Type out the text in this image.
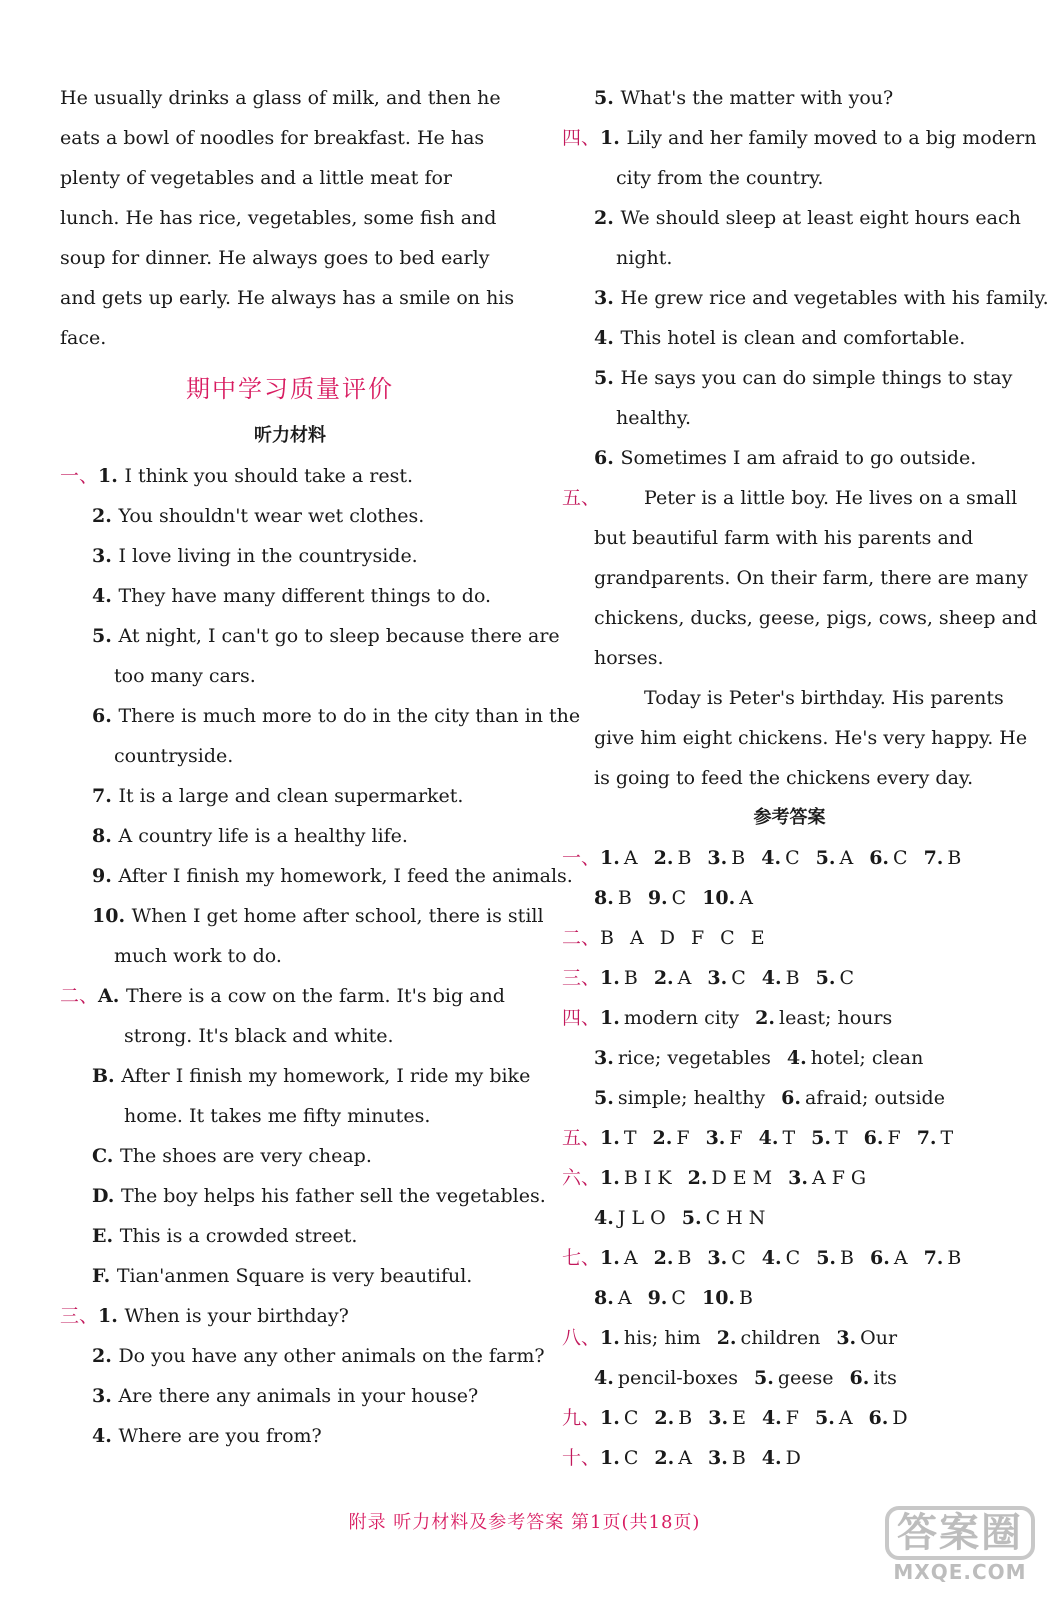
He usually drinks a glass of milk, and then he
eats a bowl of noodles for breakfast. He has
plenty of vegetables and a little meat for
lunch. He has rice, vegetables, some fish and
soup for dinner. He always goes to bed early
and gets up early. He always has a smile on his
face.
期中学习质量评价
听力材料
一、1. I think you should take a rest.
2. You shouldn't wear wet clothes.
3. I love living in the countryside.
4. They have many different things to do.
5. At night, I can't go to sleep because there are
too many cars.
6. There is much more to do in the city than in the
countryside.
7. It is a large and clean supermarket.
8. A country life is a healthy life.
9. After I finish my homework, I feed the animals.
10. When I get home after school, there is still
much work to do.
二、A. There is a cow on the farm. It's big and
strong. It's black and white.
B. After I finish my homework, I ride my bike
home. It takes me fifty minutes.
C. The shoes are very cheap.
D. The boy helps his father sell the vegetables.
E. This is a crowded street.
F. Tian'anmen Square is very beautiful.
三、1. When is your birthday?
2. Do you have any other animals on the farm?
3. Are there any animals in your house?
4. Where are you from?
5. What's the matter with you?
四、1. Lily and her family moved to a big modern
city from the country.
2. We should sleep at least eight hours each
night.
3. He grew rice and vegetables with his family.
4. This hotel is clean and comfortable.
5. He says you can do simple things to stay
healthy.
6. Sometimes I am afraid to go outside.
五、 Peter is a little boy. He lives on a small
but beautiful farm with his parents and
grandparents. On their farm, there are many
chickens, ducks, geese, pigs, cows, sheep and
horses.
Today is Peter's birthday. His parents
give him eight chickens. He's very happy. He
is going to feed the chickens every day.
参考答案
一、1. A 2. B 3. B 4. C 5. A 6. C 7. B
8. B 9. C 10. A
二、B A D F C E
三、1. B 2. A 3. C 4. B 5. C
四、1. modern city 2. least; hours
3. rice; vegetables 4. hotel; clean
5. simple; healthy 6. afraid; outside
五、1. T 2. F 3. F 4. T 5. T 6. F 7. T
六、1. B I K 2. D E M 3. A F G
4. J L O 5. C H N
七、1. A 2. B 3. C 4. C 5. B 6. A 7. B
8. A 9. C 10. B
八、1. his; him 2. children 3. Our
4. pencil-boxes 5. geese 6. its
九、1. C 2. B 3. E 4. F 5. A 6. D
十、1. C 2. A 3. B 4. D
附录 听力材料及参考答案 第1页(共18页)	答案圈
MXQE.COM
